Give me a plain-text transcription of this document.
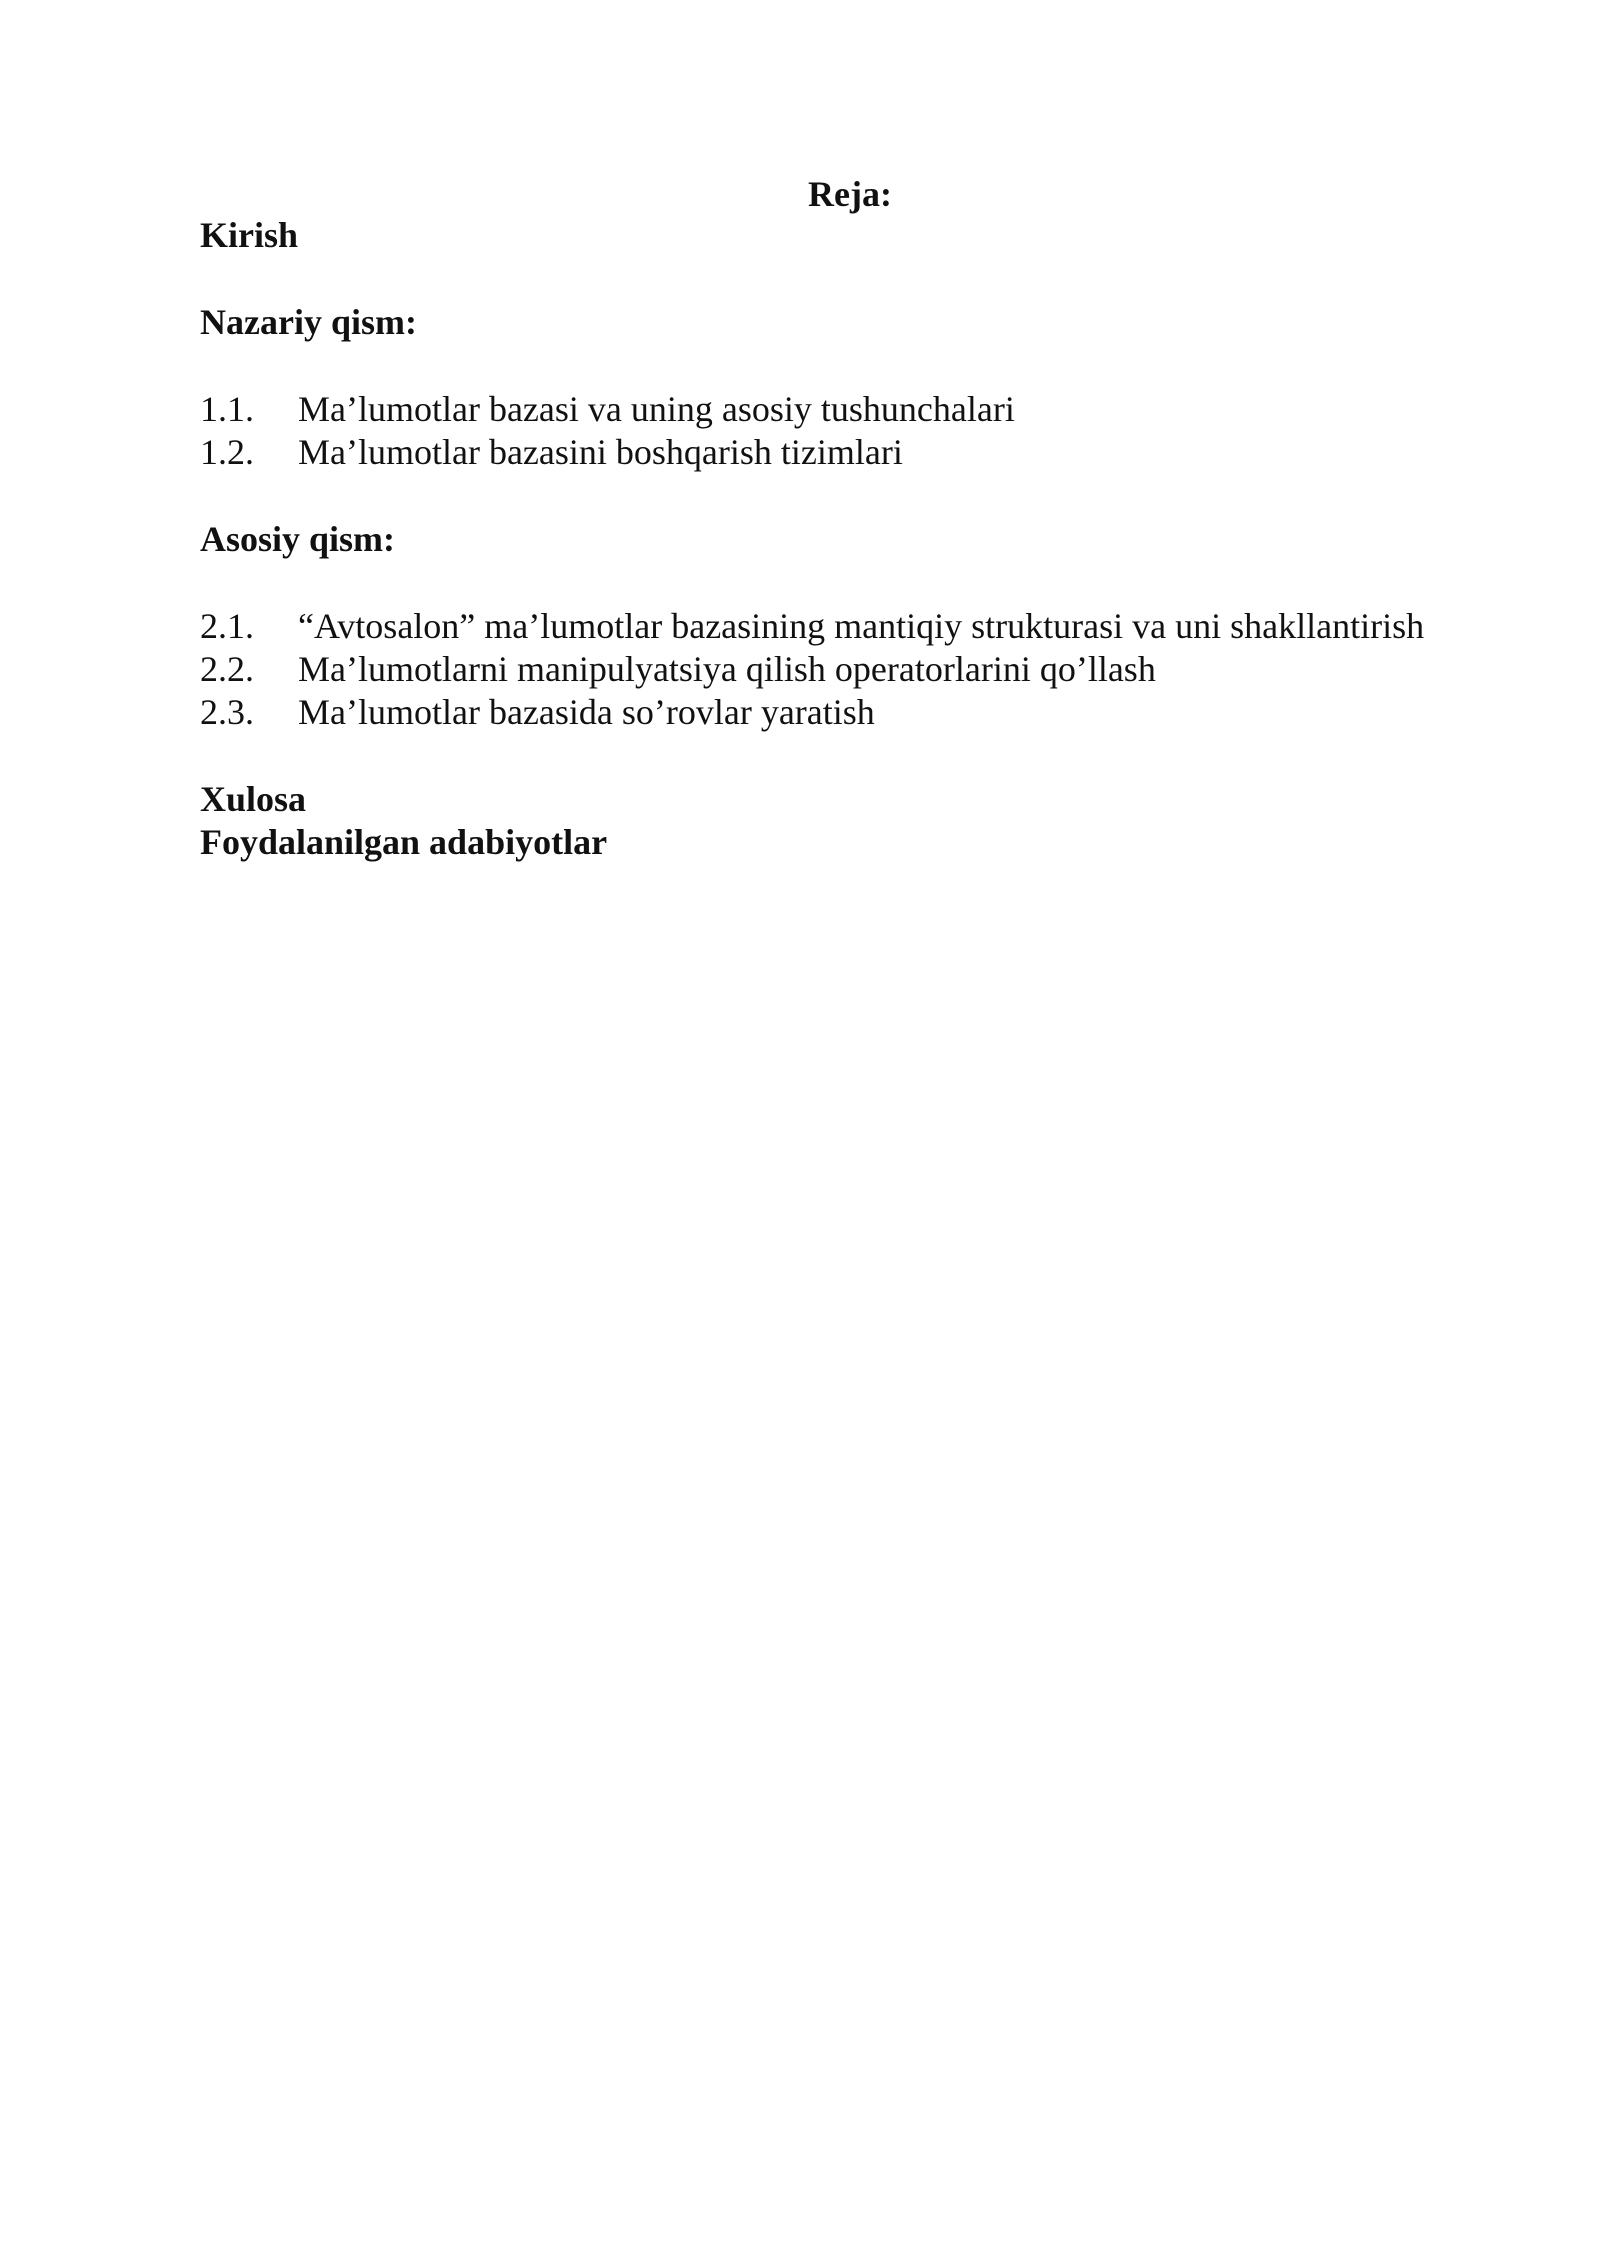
Reja:
Kirish
Nazariy qism:
1.1.	Ma’lumotlar bazasi va uning asosiy tushunchalari
1.2.	Ma’lumotlar bazasini boshqarish tizimlari
Asosiy qism:
2.1.	“Avtosalon” ma’lumotlar bazasining mantiqiy strukturasi va uni shakllantirish
2.2.	Ma’lumotlarni manipulyatsiya qilish operatorlarini qo’llash
2.3.	Ma’lumotlar bazasida so’rovlar yaratish
Xulosa
Foydalanilgan adabiyotlar
